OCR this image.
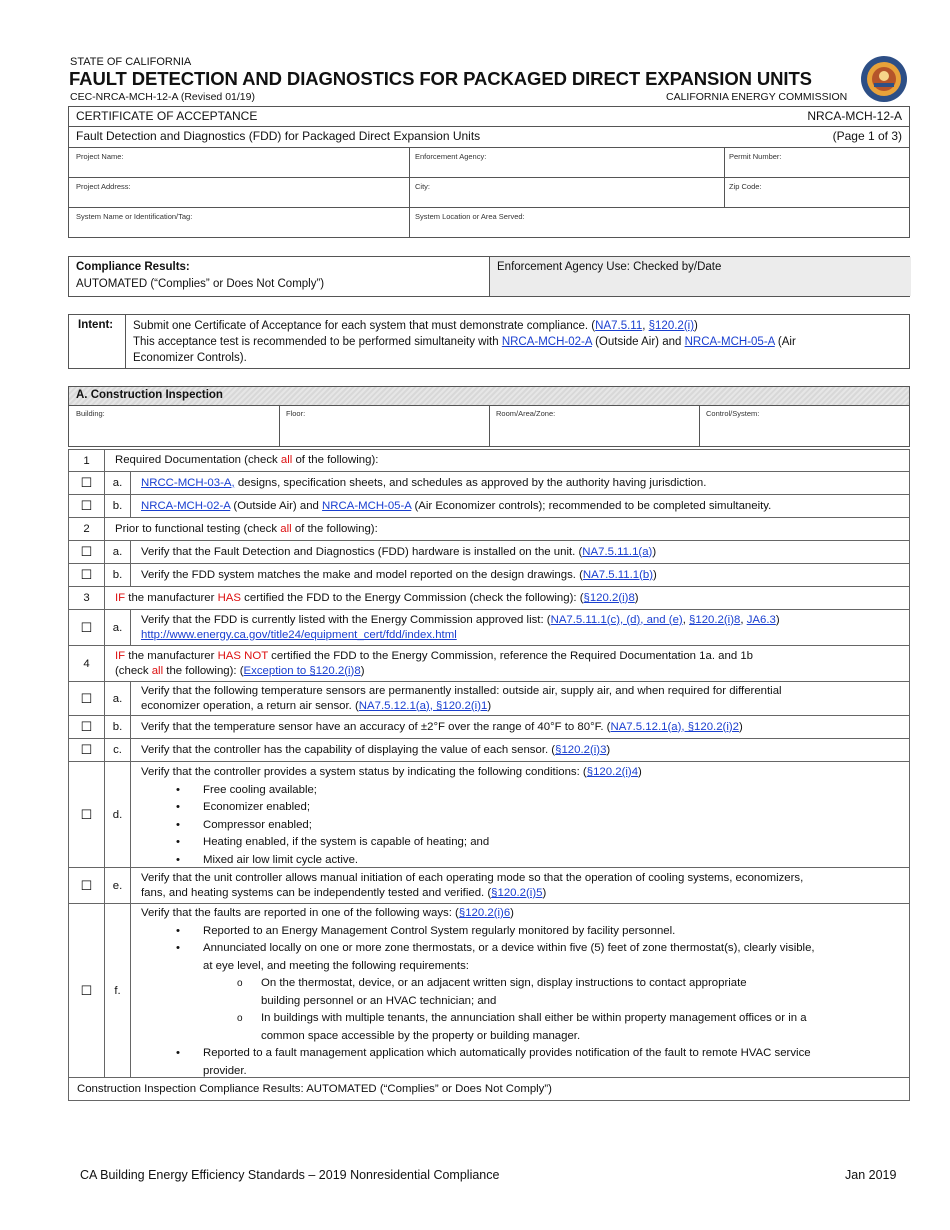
STATE OF CALIFORNIA
FAULT DETECTION AND DIAGNOSTICS FOR PACKAGED DIRECT EXPANSION UNITS
CEC-NRCA-MCH-12-A (Revised 01/19)	CALIFORNIA ENERGY COMMISSION
CERTIFICATE OF ACCEPTANCE	NRCA-MCH-12-A
Fault Detection and Diagnostics (FDD) for Packaged Direct Expansion Units	(Page 1 of 3)
Project Name:	Enforcement Agency:	Permit Number:
Project Address:	City:	Zip Code:
System Name or Identification/Tag:	System Location or Area Served:
Compliance Results:
AUTOMATED (“Complies” or Does Not Comply”)
Enforcement Agency Use: Checked by/Date
Intent: Submit one Certificate of Acceptance for each system that must demonstrate compliance. (NA7.5.11, §120.2(i))
This acceptance test is recommended to be performed simultaneity with NRCA-MCH-02-A (Outside Air) and NRCA-MCH-05-A (Air
Economizer Controls).
A. Construction Inspection
Building:	Floor:	Room/Area/Zone:	Control/System:
1	Required Documentation (check all of the following):
☐	a.	NRCC-MCH-03-A, designs, specification sheets, and schedules as approved by the authority having jurisdiction.
☐	b.	NRCA-MCH-02-A (Outside Air) and NRCA-MCH-05-A (Air Economizer controls); recommended to be completed simultaneity.
2	Prior to functional testing (check all of the following):
☐	a.	Verify that the Fault Detection and Diagnostics (FDD) hardware is installed on the unit. (NA7.5.11.1(a))
☐	b.	Verify the FDD system matches the make and model reported on the design drawings. (NA7.5.11.1(b))
3	IF the manufacturer HAS certified the FDD to the Energy Commission (check the following): (§120.2(i)8)
☐	a.
Verify that the FDD is currently listed with the Energy Commission approved list: (NA7.5.11.1(c), (d), and (e), §120.2(i)8, JA6.3)
http://www.energy.ca.gov/title24/equipment_cert/fdd/index.html
4
IF the manufacturer HAS NOT certified the FDD to the Energy Commission, reference the Required Documentation 1a. and 1b
(check all the following): (Exception to §120.2(i)8)
☐	a.
Verify that the following temperature sensors are permanently installed: outside air, supply air, and when required for differential
economizer operation, a return air sensor. (NA7.5.12.1(a), §120.2(i)1)
☐	b.	Verify that the temperature sensor have an accuracy of ±2°F over the range of 40°F to 80°F. (NA7.5.12.1(a), §120.2(i)2)
☐	c.	Verify that the controller has the capability of displaying the value of each sensor. (§120.2(i)3)
☐	d.
Verify that the controller provides a system status by indicating the following conditions: (§120.2(i)4)
• Free cooling available;
• Economizer enabled;
• Compressor enabled;
• Heating enabled, if the system is capable of heating; and
• Mixed air low limit cycle active.
☐	e.
Verify that the unit controller allows manual initiation of each operating mode so that the operation of cooling systems, economizers,
fans, and heating systems can be independently tested and verified. (§120.2(i)5)
☐	f.
Verify that the faults are reported in one of the following ways: (§120.2(i)6)
• Reported to an Energy Management Control System regularly monitored by facility personnel.
• Annunciated locally on one or more zone thermostats, or a device within five (5) feet of zone thermostat(s), clearly visible,
at eye level, and meeting the following requirements:
o On the thermostat, device, or an adjacent written sign, display instructions to contact appropriate
building personnel or an HVAC technician; and
o In buildings with multiple tenants, the annunciation shall either be within property management offices or in a
common space accessible by the property or building manager.
• Reported to a fault management application which automatically provides notification of the fault to remote HVAC service
provider.
Construction Inspection Compliance Results: AUTOMATED (“Complies” or Does Not Comply”)
CA Building Energy Efficiency Standards – 2019 Nonresidential Compliance	Jan 2019
